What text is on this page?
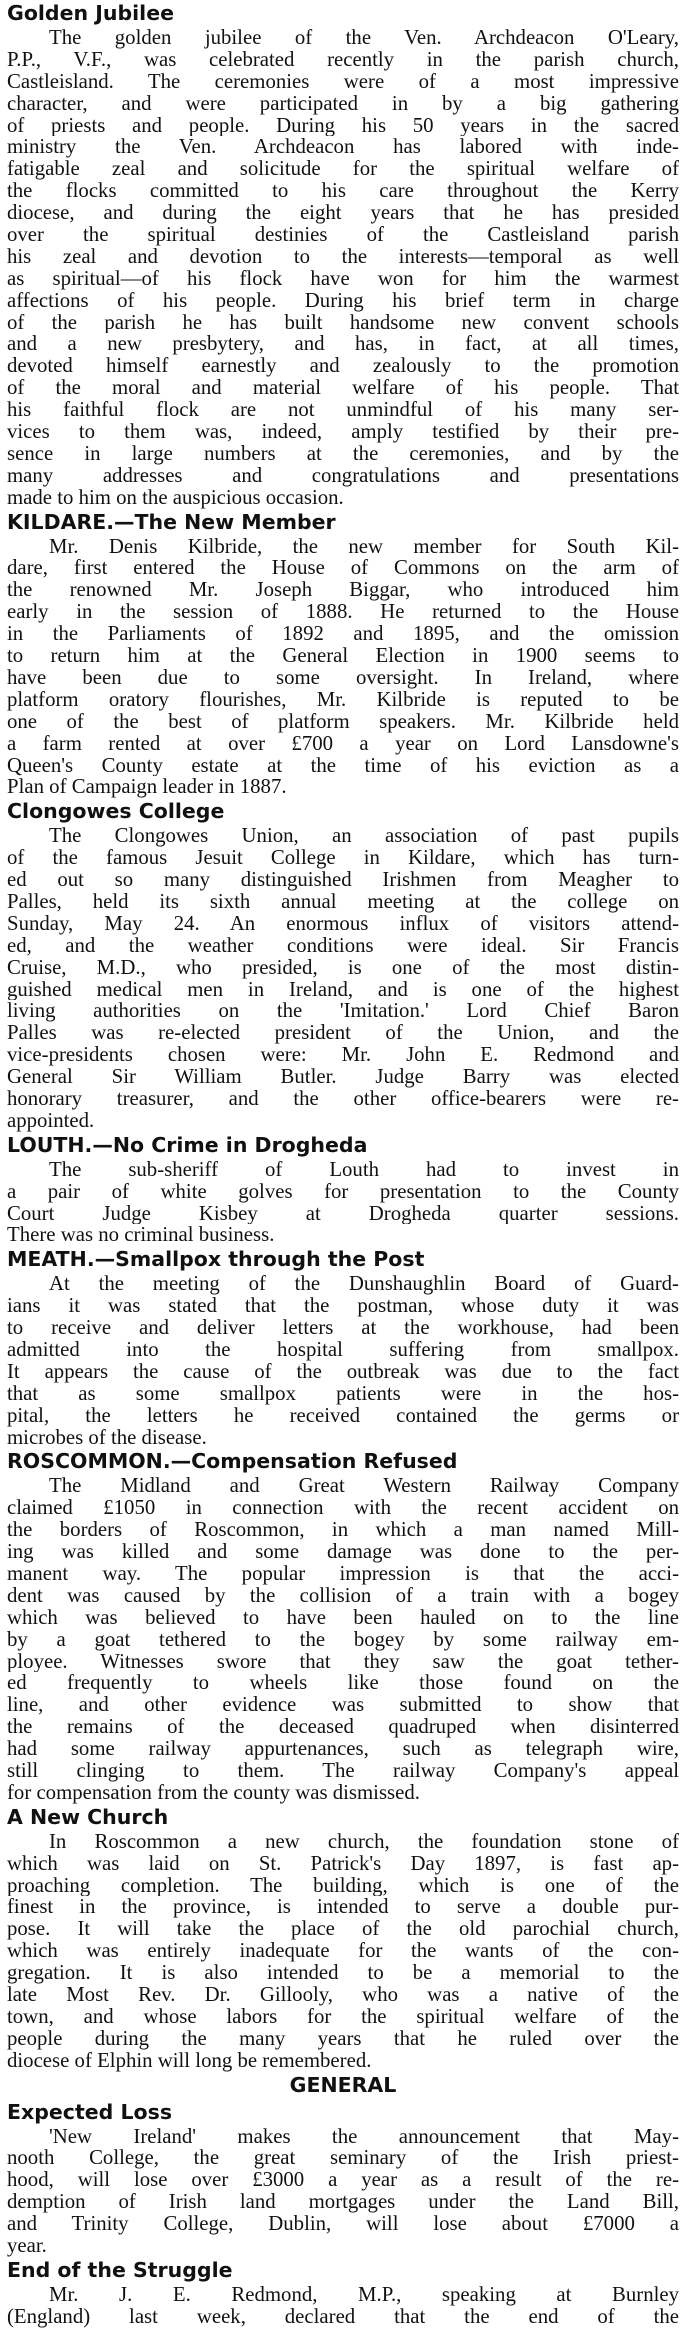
Golden Jubilee
The golden jubilee of the Ven. Archdeacon O'Leary,
P.P., V.F., was celebrated recently in the parish church,
Castleisland. The ceremonies were of a most impressive
character, and were participated in by a big gathering
of priests and people. During his 50 years in the sacred
ministry the Ven. Archdeacon has labored with inde-
fatigable zeal and solicitude for the spiritual welfare of
the flocks committed to his care throughout the Kerry
diocese, and during the eight years that he has presided
over the spiritual destinies of the Castleisland parish
his zeal and devotion to the interests—temporal as well
as spiritual—of his flock have won for him the warmest
affections of his people. During his brief term in charge
of the parish he has built handsome new convent schools
and a new presbytery, and has, in fact, at all times,
devoted himself earnestly and zealously to the promotion
of the moral and material welfare of his people. That
his faithful flock are not unmindful of his many ser-
vices to them was, indeed, amply testified by their pre-
sence in large numbers at the ceremonies, and by the
many addresses and congratulations and presentations
made to him on the auspicious occasion.
KILDARE.—The New Member
Mr. Denis Kilbride, the new member for South Kil-
dare, first entered the House of Commons on the arm of
the renowned Mr. Joseph Biggar, who introduced him
early in the session of 1888. He returned to the House
in the Parliaments of 1892 and 1895, and the omission
to return him at the General Election in 1900 seems to
have been due to some oversight. In Ireland, where
platform oratory flourishes, Mr. Kilbride is reputed to be
one of the best of platform speakers. Mr. Kilbride held
a farm rented at over £700 a year on Lord Lansdowne's
Queen's County estate at the time of his eviction as a
Plan of Campaign leader in 1887.
Clongowes College
The Clongowes Union, an association of past pupils
of the famous Jesuit College in Kildare, which has turn-
ed out so many distinguished Irishmen from Meagher to
Palles, held its sixth annual meeting at the college on
Sunday, May 24. An enormous influx of visitors attend-
ed, and the weather conditions were ideal. Sir Francis
Cruise, M.D., who presided, is one of the most distin-
guished medical men in Ireland, and is one of the highest
living authorities on the 'Imitation.' Lord Chief Baron
Palles was re-elected president of the Union, and the
vice-presidents chosen were: Mr. John E. Redmond and
General Sir William Butler. Judge Barry was elected
honorary treasurer, and the other office-bearers were re-
appointed.
LOUTH.—No Crime in Drogheda
The sub-sheriff of Louth had to invest in
a pair of white golves for presentation to the County
Court Judge Kisbey at Drogheda quarter sessions.
There was no criminal business.
MEATH.—Smallpox through the Post
At the meeting of the Dunshaughlin Board of Guard-
ians it was stated that the postman, whose duty it was
to receive and deliver letters at the workhouse, had been
admitted into the hospital suffering from smallpox.
It appears the cause of the outbreak was due to the fact
that as some smallpox patients were in the hos-
pital, the letters he received contained the germs or
microbes of the disease.
ROSCOMMON.—Compensation Refused
The Midland and Great Western Railway Company
claimed £1050 in connection with the recent accident on
the borders of Roscommon, in which a man named Mill-
ing was killed and some damage was done to the per-
manent way. The popular impression is that the acci-
dent was caused by the collision of a train with a bogey
which was believed to have been hauled on to the line
by a goat tethered to the bogey by some railway em-
ployee. Witnesses swore that they saw the goat tether-
ed frequently to wheels like those found on the
line, and other evidence was submitted to show that
the remains of the deceased quadruped when disinterred
had some railway appurtenances, such as telegraph wire,
still clinging to them. The railway Company's appeal
for compensation from the county was dismissed.
A New Church
In Roscommon a new church, the foundation stone of
which was laid on St. Patrick's Day 1897, is fast ap-
proaching completion. The building, which is one of the
finest in the province, is intended to serve a double pur-
pose. It will take the place of the old parochial church,
which was entirely inadequate for the wants of the con-
gregation. It is also intended to be a memorial to the
late Most Rev. Dr. Gillooly, who was a native of the
town, and whose labors for the spiritual welfare of the
people during the many years that he ruled over the
diocese of Elphin will long be remembered.
GENERAL
Expected Loss
'New Ireland' makes the announcement that May-
nooth College, the great seminary of the Irish priest-
hood, will lose over £3000 a year as a result of the re-
demption of Irish land mortgages under the Land Bill,
and Trinity College, Dublin, will lose about £7000 a
year.
End of the Struggle
Mr. J. E. Redmond, M.P., speaking at Burnley
(England) last week, declared that the end of the
